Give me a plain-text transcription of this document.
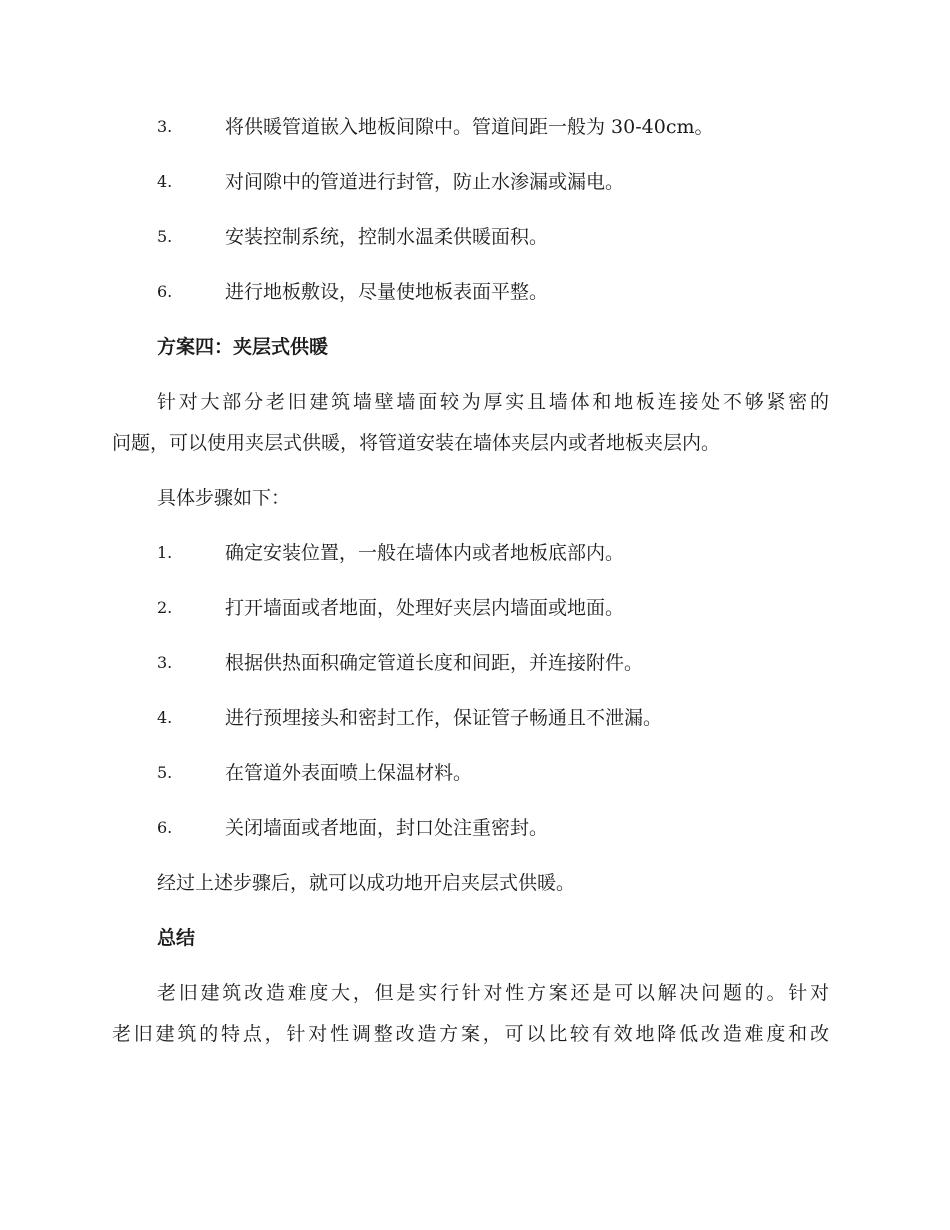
3.	将供暖管道嵌入地板间隙中。管道间距一般为 30-40cm。
4.	对间隙中的管道进行封管，防止水渗漏或漏电。
5.	安装控制系统，控制水温柔供暖面积。
6.	进行地板敷设，尽量使地板表面平整。
方案四：夹层式供暖
针对大部分老旧建筑墙壁墙面较为厚实且墙体和地板连接处不够紧密的
问题，可以使用夹层式供暖，将管道安装在墙体夹层内或者地板夹层内。
具体步骤如下：
1.	确定安装位置，一般在墙体内或者地板底部内。
2.	打开墙面或者地面，处理好夹层内墙面或地面。
3.	根据供热面积确定管道长度和间距，并连接附件。
4.	进行预埋接头和密封工作，保证管子畅通且不泄漏。
5.	在管道外表面喷上保温材料。
6.	关闭墙面或者地面，封口处注重密封。
经过上述步骤后，就可以成功地开启夹层式供暖。
总结
老旧建筑改造难度大，但是实行针对性方案还是可以解决问题的。针对
老旧建筑的特点，针对性调整改造方案，可以比较有效地降低改造难度和改
